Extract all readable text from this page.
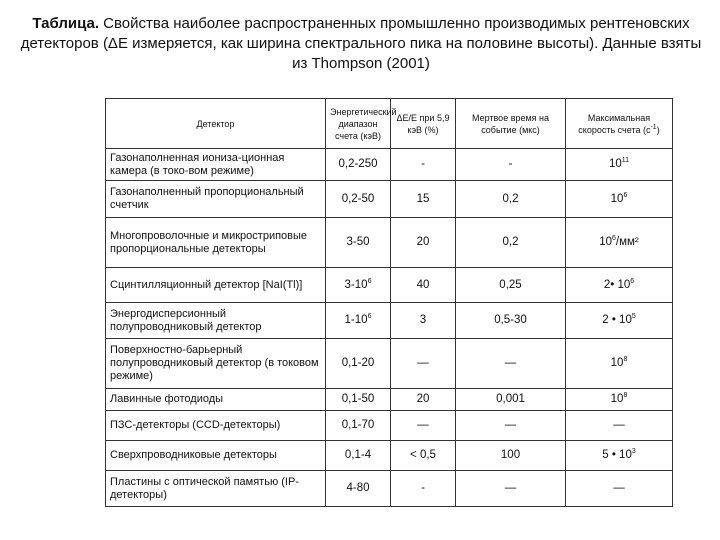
Таблица. Свойства наиболее распространенных промышленно производимых рентгеновских детекторов (ΔE измеряется, как ширина спектрального пика на половине высоты). Данные взяты из Thompson (2001)
Детектор	Энергетический диапазон счета (кэВ)	ΔE/E при 5,9 кэВ (%)	Мертвое время на событие (мкс)	Максимальная скорость счета $(с^{-1})$
Газонаполненная иониза-ционная камера (в токо-вом режиме)	0,2-250	-	-	$10^{11}$
Газонаполненный пропорциональный счетчик	0,2-50	15	0,2	$10^6$
Многопроволочные и микростриповые пропорциональные детекторы	3-50	20	0,2	$10^6$/мм²
Сцинтилляционный детектор [NaI(Tl)]	$3-10^6$	40	0,25	2• $10^6$
Энергодисперсионный полупроводниковый детектор	$1-10^6$	3	0,5-30	2 • $10^5$
Поверхностно-барьерный полупроводниковый детектор (в токовом режиме)	0,1-20	—	—	$10^8$
Лавинные фотодиоды	0,1-50	20	0,001	$10^8$
ПЗС-детекторы (CCD-детекторы)	0,1-70	—	—	—
Сверхпроводниковые детекторы	0,1-4	< 0,5	100	5 • $10^3$
Пластины с оптической памятью (IP-детекторы)	4-80	-	—	—
